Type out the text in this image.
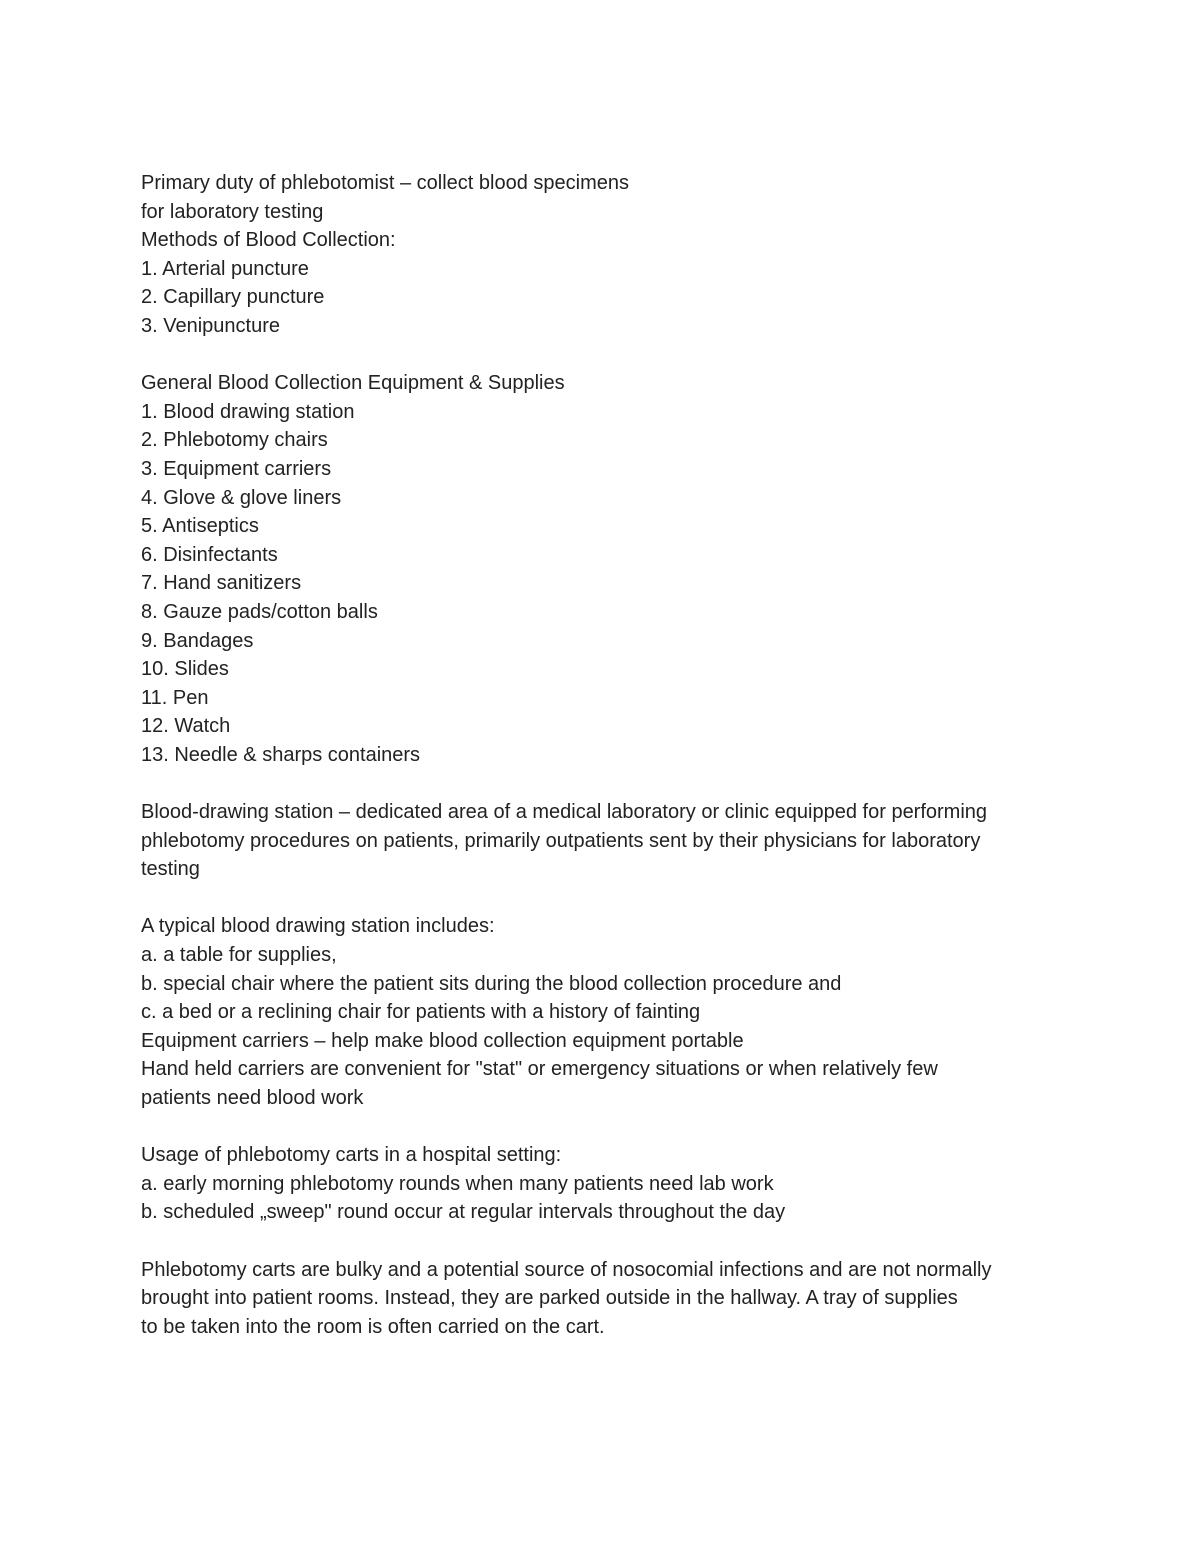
Primary duty of phlebotomist – collect blood specimens
for laboratory testing
Methods of Blood Collection:
1. Arterial puncture
2. Capillary puncture
3. Venipuncture
General Blood Collection Equipment & Supplies
1. Blood drawing station
2. Phlebotomy chairs
3. Equipment carriers
4. Glove & glove liners
5. Antiseptics
6. Disinfectants
7. Hand sanitizers
8. Gauze pads/cotton balls
9. Bandages
10. Slides
11. Pen
12. Watch
13. Needle & sharps containers
Blood-drawing station – dedicated area of a medical laboratory or clinic equipped for performing
phlebotomy procedures on patients, primarily outpatients sent by their physicians for laboratory
testing
A typical blood drawing station includes:
a. a table for supplies,
b. special chair where the patient sits during the blood collection procedure and
c. a bed or a reclining chair for patients with a history of fainting
Equipment carriers – help make blood collection equipment portable
Hand held carriers are convenient for "stat" or emergency situations or when relatively few
patients need blood work
Usage of phlebotomy carts in a hospital setting:
a. early morning phlebotomy rounds when many patients need lab work
b. scheduled „sweep" round occur at regular intervals throughout the day
Phlebotomy carts are bulky and a potential source of nosocomial infections and are not normally
brought into patient rooms. Instead, they are parked outside in the hallway. A tray of supplies
to be taken into the room is often carried on the cart.
